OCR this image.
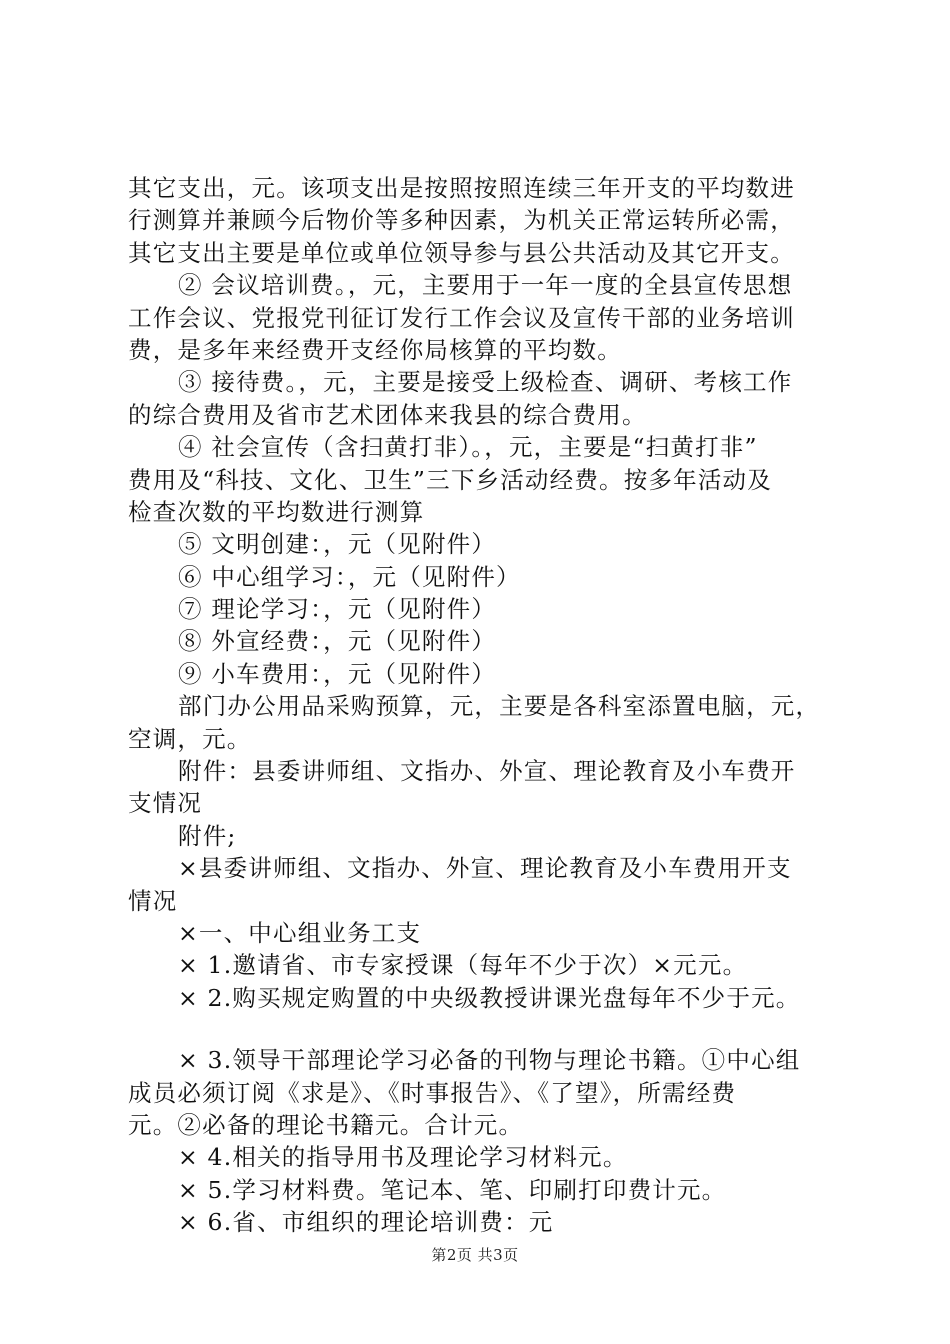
其它支出，元。该项支出是按照按照连续三年开支的平均数进
行测算并兼顾今后物价等多种因素，为机关正常运转所必需，
其它支出主要是单位或单位领导参与县公共活动及其它开支。
② 会议培训费。，元，主要用于一年一度的全县宣传思想
工作会议、党报党刊征订发行工作会议及宣传干部的业务培训
费，是多年来经费开支经你局核算的平均数。
③ 接待费。，元，主要是接受上级检查、调研、考核工作
的综合费用及省市艺术团体来我县的综合费用。
④ 社会宣传（含扫黄打非）。，元，主要是“扫黄打非”
费用及“科技、文化、卫生”三下乡活动经费。按多年活动及
检查次数的平均数进行测算
⑤ 文明创建：，元（见附件）
⑥ 中心组学习：，元（见附件）
⑦ 理论学习：，元（见附件）
⑧ 外宣经费：，元（见附件）
⑨ 小车费用：，元（见附件）
部门办公用品采购预算，元，主要是各科室添置电脑，元，
空调，元。
附件：县委讲师组、文指办、外宣、理论教育及小车费开
支情况
附件;
×县委讲师组、文指办、外宣、理论教育及小车费用开支
情况
×一、中心组业务工支
× 1.邀请省、市专家授课（每年不少于次）×元元。
× 2.购买规定购置的中央级教授讲课光盘每年不少于元。
× 3.领导干部理论学习必备的刊物与理论书籍。①中心组
成员必须订阅《求是》、《时事报告》、《了望》，所需经费
元。②必备的理论书籍元。合计元。
× 4.相关的指导用书及理论学习材料元。
× 5.学习材料费。笔记本、笔、印刷打印费计元。
× 6.省、市组织的理论培训费：元
第2页 共3页
